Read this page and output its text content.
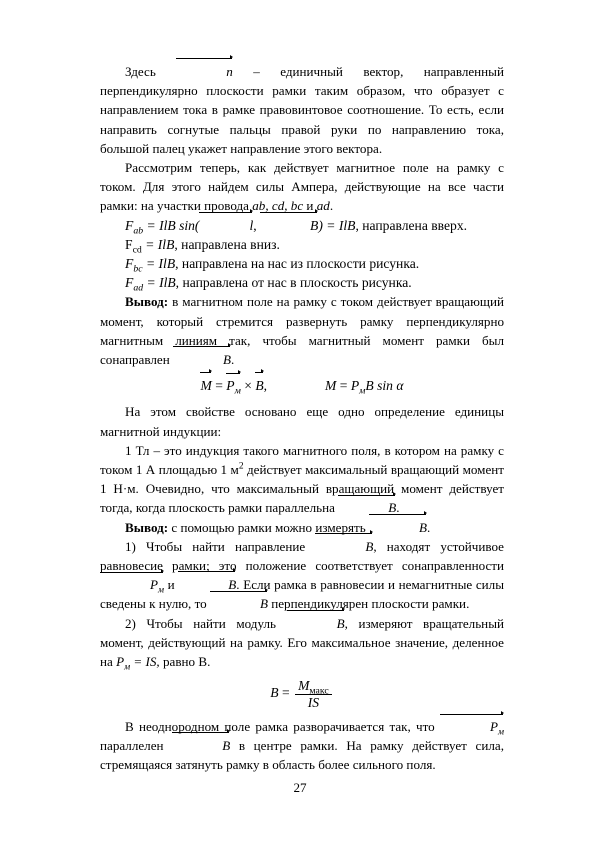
Здесь	n – единичный вектор, направленный перпендикулярно плоскости рамки таким образом, что образует с направлением тока в рамке правовинтовое соотношение. То есть, если направить согнутые пальцы правой руки по направлению тока, большой палец укажет направление этого вектора.

Рассмотрим теперь, как действует магнитное поле на рамку с током. Для этого найдем силы Ампера, действующие на все части рамки: на участки провода ab, cd, bc и ad.

$F_{ab}$ = IlB sin(	l,	B) = IlB, направлена вверх.
$F_{cd}$ = IlB, направлена вниз.
$F_{bc}$ = IlB, направлена на нас из плоскости рисунка.
$F_{ad}$ = IlB, направлена от нас в плоскость рисунка.

Вывод: в магнитном поле на рамку с током действует вращающий момент, который стремится развернуть рамку перпендикулярно магнитным линиям так, чтобы магнитный момент рамки был сонаправлен	B.

$M = P_м \times B$,	$M = P_мB$ sin α

На этом свойстве основано еще одно определение единицы магнитной индукции:

1 Тл – это индукция такого магнитного поля, в котором на рамку с током 1 А площадью 1 $м^2$ действует максимальный вращающий момент 1 Н·м. Очевидно, что максимальный вращающий момент действует тогда, когда плоскость рамки параллельна	B.

Вывод: с помощью рамки можно измерять	B.

1) Чтобы найти направление	B, находят устойчивое равновесие рамки; это положение соответствует сонаправленности $P_м$ и	B. Если рамка в равновесии и немагнитные силы сведены к нулю, то	B перпендикулярен плоскости рамки.

2) Чтобы найти модуль	B, измеряют вращательный момент, действующий на рамку. Его максимальное значение, деленное на $P_м$ = IS, равно B.

$B = \frac{M_{макс}}{IS}$

В неоднородном поле рамка разворачивается так, что	$P_м$ параллелен	B в центре рамки. На рамку действует сила, стремящаяся затянуть рамку в область более сильного поля.

27
